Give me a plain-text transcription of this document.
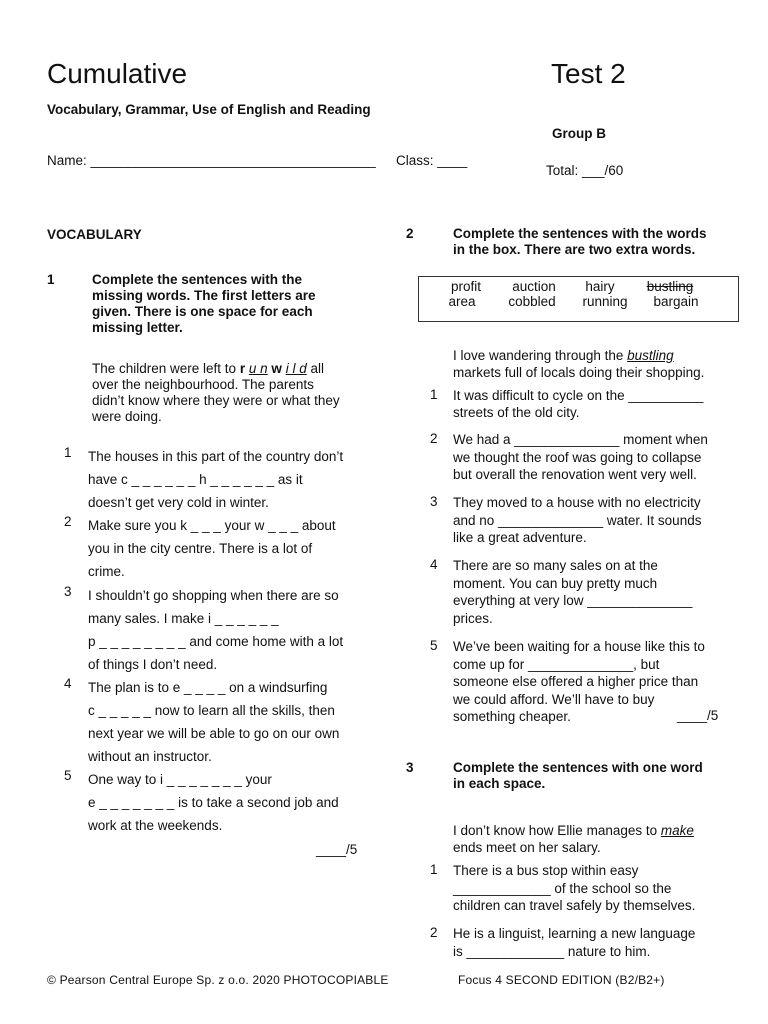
Cumulative	Test 2
Vocabulary, Grammar, Use of English and Reading
Group B
Name: ______________________________________ Class: ____
Total: ___/60
VOCABULARY
1	Complete the sentences with the
missing words. The first letters are
given. There is one space for each
missing letter.
The children were left to r u n w i l d all
over the neighbourhood. The parents
didn’t know where they were or what they
were doing.
1 The houses in this part of the country don’t
have c _ _ _ _ _ _ h _ _ _ _ _ _ as it
doesn’t get very cold in winter.
2 Make sure you k _ _ _ your w _ _ _ about
you in the city centre. There is a lot of
crime.
3 I shouldn’t go shopping when there are so
many sales. I make i _ _ _ _ _ _
p _ _ _ _ _ _ _ _ and come home with a lot
of things I don’t need.
4 The plan is to e _ _ _ _ on a windsurfing
c _ _ _ _ _ now to learn all the skills, then
next year we will be able to go on our own
without an instructor.
5 One way to i _ _ _ _ _ _ _ your
e _ _ _ _ _ _ _ is to take a second job and
work at the weekends.
____/5
2	Complete the sentences with the words
in the box. There are two extra words.
profit	auction	hairy	bustling
area	cobbled	running	bargain
I love wandering through the bustling
markets full of locals doing their shopping.
1 It was difficult to cycle on the __________
streets of the old city.
2 We had a ______________ moment when
we thought the roof was going to collapse
but overall the renovation went very well.
3 They moved to a house with no electricity
and no ______________ water. It sounds
like a great adventure.
4 There are so many sales on at the
moment. You can buy pretty much
everything at very low ______________
prices.
5 We’ve been waiting for a house like this to
come up for ______________, but
someone else offered a higher price than
we could afford. We’ll have to buy
something cheaper.	____/5
3	Complete the sentences with one word
in each space.
I don’t know how Ellie manages to make
ends meet on her salary.
1 There is a bus stop within easy
_____________ of the school so the
children can travel safely by themselves.
2 He is a linguist, learning a new language
is _____________ nature to him.
© Pearson Central Europe Sp. z o.o. 2020 PHOTOCOPIABLE	Focus 4 SECOND EDITION (B2/B2+)
